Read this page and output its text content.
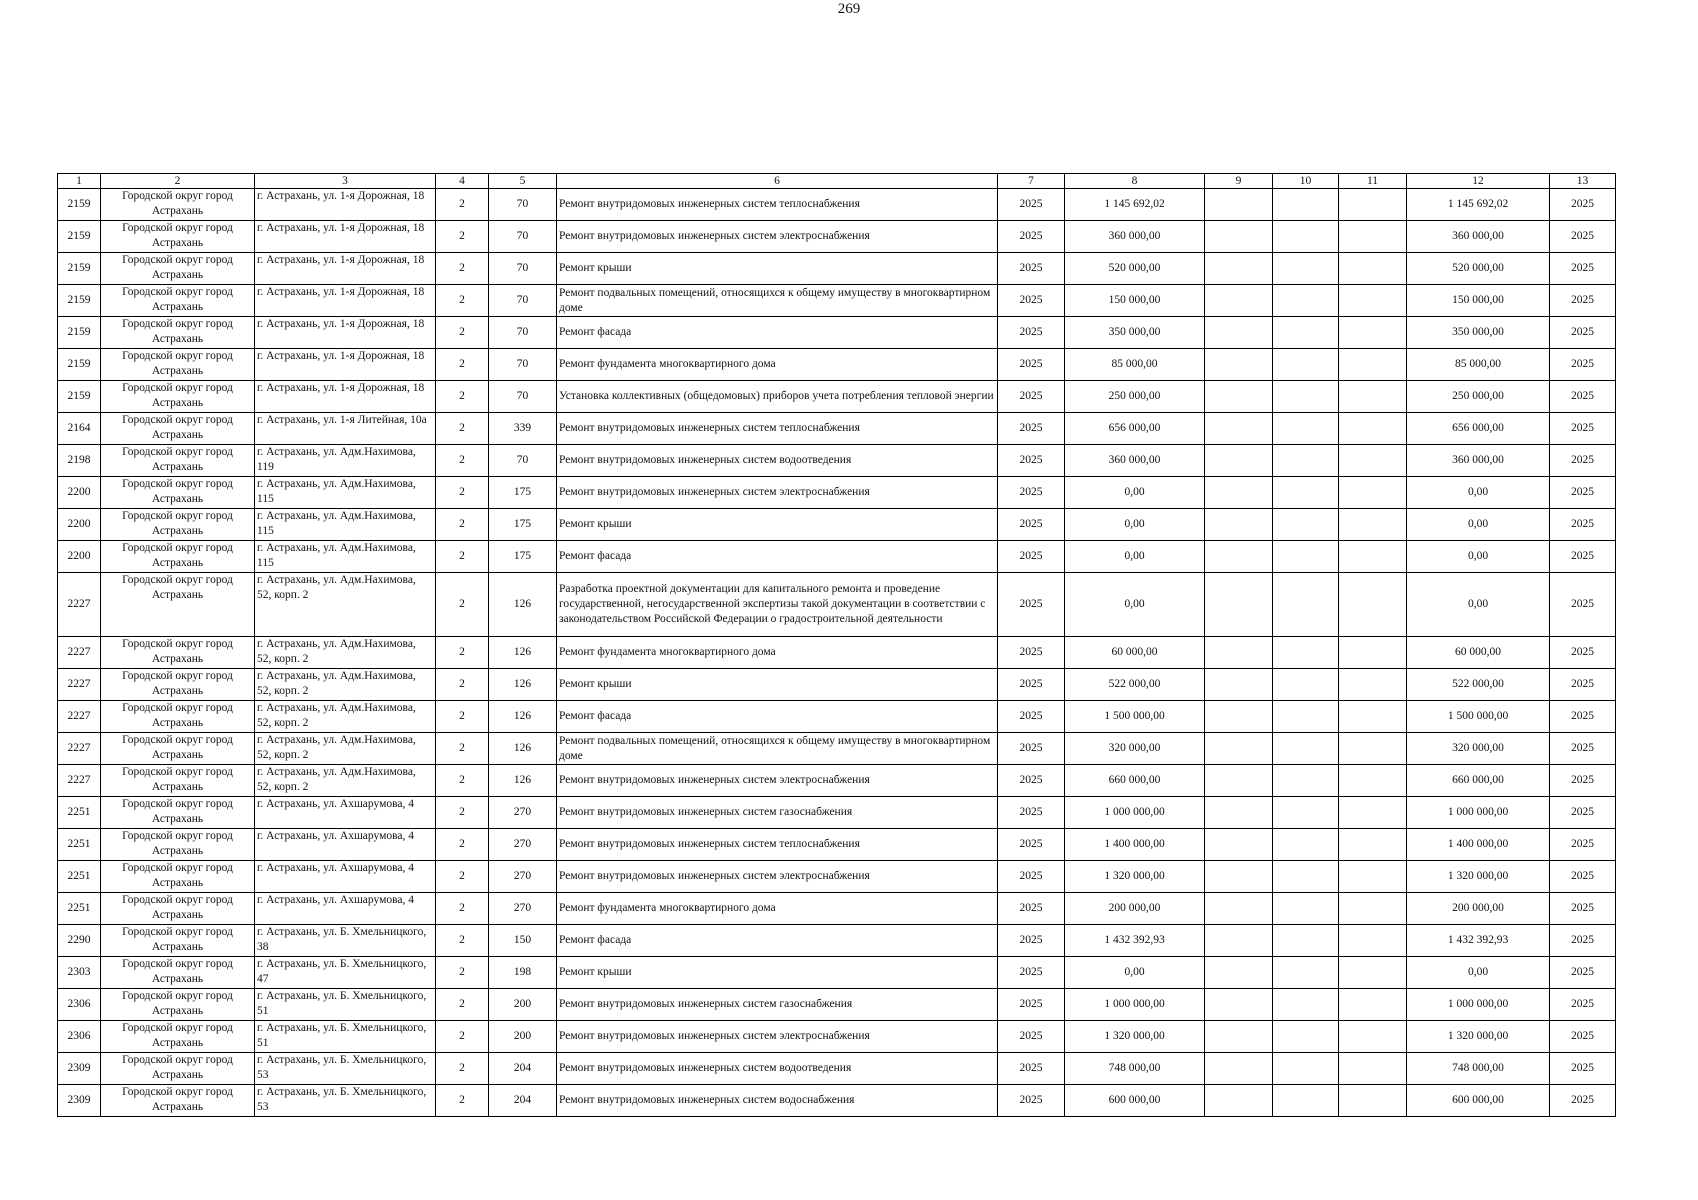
269
1	2	3	4	5	6	7	8	9	10	11	12	13
2159	Городской округ город Астрахань	г. Астрахань, ул. 1-я Дорожная, 18	2	70	Ремонт внутридомовых инженерных систем теплоснабжения	2025	1 145 692,02				1 145 692,02	2025
2159	Городской округ город Астрахань	г. Астрахань, ул. 1-я Дорожная, 18	2	70	Ремонт внутридомовых инженерных систем электроснабжения	2025	360 000,00				360 000,00	2025
2159	Городской округ город Астрахань	г. Астрахань, ул. 1-я Дорожная, 18	2	70	Ремонт крыши	2025	520 000,00				520 000,00	2025
2159	Городской округ город Астрахань	г. Астрахань, ул. 1-я Дорожная, 18	2	70	Ремонт подвальных помещений, относящихся к общему имуществу в многоквартирном доме	2025	150 000,00				150 000,00	2025
2159	Городской округ город Астрахань	г. Астрахань, ул. 1-я Дорожная, 18	2	70	Ремонт фасада	2025	350 000,00				350 000,00	2025
2159	Городской округ город Астрахань	г. Астрахань, ул. 1-я Дорожная, 18	2	70	Ремонт фундамента многоквартирного дома	2025	85 000,00				85 000,00	2025
2159	Городской округ город Астрахань	г. Астрахань, ул. 1-я Дорожная, 18	2	70	Установка коллективных (общедомовых) приборов учета потребления тепловой энергии	2025	250 000,00				250 000,00	2025
2164	Городской округ город Астрахань	г. Астрахань, ул. 1-я Литейная, 10а	2	339	Ремонт внутридомовых инженерных систем теплоснабжения	2025	656 000,00				656 000,00	2025
2198	Городской округ город Астрахань	г. Астрахань, ул. Адм.Нахимова, 119	2	70	Ремонт внутридомовых инженерных систем водоотведения	2025	360 000,00				360 000,00	2025
2200	Городской округ город Астрахань	г. Астрахань, ул. Адм.Нахимова, 115	2	175	Ремонт внутридомовых инженерных систем электроснабжения	2025	0,00				0,00	2025
2200	Городской округ город Астрахань	г. Астрахань, ул. Адм.Нахимова, 115	2	175	Ремонт крыши	2025	0,00				0,00	2025
2200	Городской округ город Астрахань	г. Астрахань, ул. Адм.Нахимова, 115	2	175	Ремонт фасада	2025	0,00				0,00	2025
2227	Городской округ город Астрахань	г. Астрахань, ул. Адм.Нахимова, 52, корп. 2	2	126	Разработка проектной документации для капитального ремонта и проведение государственной, негосударственной экспертизы такой документации в соответствии с законодательством Российской Федерации о градостроительной деятельности	2025	0,00				0,00	2025
2227	Городской округ город Астрахань	г. Астрахань, ул. Адм.Нахимова, 52, корп. 2	2	126	Ремонт фундамента многоквартирного дома	2025	60 000,00				60 000,00	2025
2227	Городской округ город Астрахань	г. Астрахань, ул. Адм.Нахимова, 52, корп. 2	2	126	Ремонт крыши	2025	522 000,00				522 000,00	2025
2227	Городской округ город Астрахань	г. Астрахань, ул. Адм.Нахимова, 52, корп. 2	2	126	Ремонт фасада	2025	1 500 000,00				1 500 000,00	2025
2227	Городской округ город Астрахань	г. Астрахань, ул. Адм.Нахимова, 52, корп. 2	2	126	Ремонт подвальных помещений, относящихся к общему имуществу в многоквартирном доме	2025	320 000,00				320 000,00	2025
2227	Городской округ город Астрахань	г. Астрахань, ул. Адм.Нахимова, 52, корп. 2	2	126	Ремонт внутридомовых инженерных систем электроснабжения	2025	660 000,00				660 000,00	2025
2251	Городской округ город Астрахань	г. Астрахань, ул. Ахшарумова, 4	2	270	Ремонт внутридомовых инженерных систем газоснабжения	2025	1 000 000,00				1 000 000,00	2025
2251	Городской округ город Астрахань	г. Астрахань, ул. Ахшарумова, 4	2	270	Ремонт внутридомовых инженерных систем теплоснабжения	2025	1 400 000,00				1 400 000,00	2025
2251	Городской округ город Астрахань	г. Астрахань, ул. Ахшарумова, 4	2	270	Ремонт внутридомовых инженерных систем электроснабжения	2025	1 320 000,00				1 320 000,00	2025
2251	Городской округ город Астрахань	г. Астрахань, ул. Ахшарумова, 4	2	270	Ремонт фундамента многоквартирного дома	2025	200 000,00				200 000,00	2025
2290	Городской округ город Астрахань	г. Астрахань, ул. Б. Хмельницкого, 38	2	150	Ремонт фасада	2025	1 432 392,93				1 432 392,93	2025
2303	Городской округ город Астрахань	г. Астрахань, ул. Б. Хмельницкого, 47	2	198	Ремонт крыши	2025	0,00				0,00	2025
2306	Городской округ город Астрахань	г. Астрахань, ул. Б. Хмельницкого, 51	2	200	Ремонт внутридомовых инженерных систем газоснабжения	2025	1 000 000,00				1 000 000,00	2025
2306	Городской округ город Астрахань	г. Астрахань, ул. Б. Хмельницкого, 51	2	200	Ремонт внутридомовых инженерных систем электроснабжения	2025	1 320 000,00				1 320 000,00	2025
2309	Городской округ город Астрахань	г. Астрахань, ул. Б. Хмельницкого, 53	2	204	Ремонт внутридомовых инженерных систем водоотведения	2025	748 000,00				748 000,00	2025
2309	Городской округ город Астрахань	г. Астрахань, ул. Б. Хмельницкого, 53	2	204	Ремонт внутридомовых инженерных систем водоснабжения	2025	600 000,00				600 000,00	2025
